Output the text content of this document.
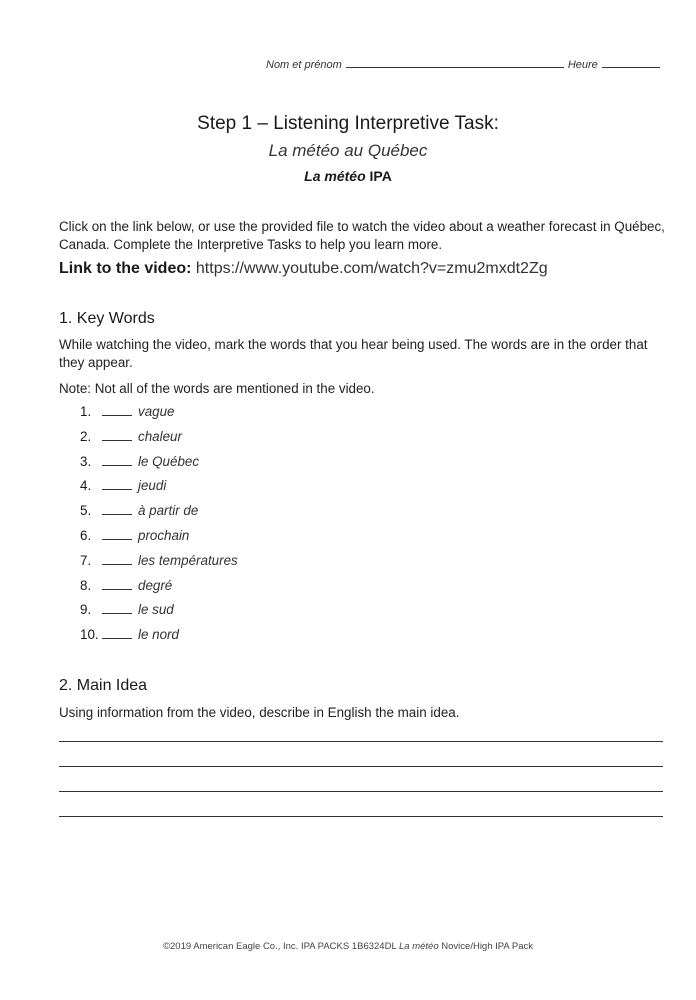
Nom et prénom	Heure
Step 1 – Listening Interpretive Task:
La météo au Québec
La météo IPA
Click on the link below, or use the provided file to watch the video about a weather forecast in Québec, Canada. Complete the Interpretive Tasks to help you learn more.
Link to the video: https://www.youtube.com/watch?v=zmu2mxdt2Zg
1. Key Words
While watching the video, mark the words that you hear being used. The words are in the order that they appear.
Note: Not all of the words are mentioned in the video.
1.	vague
2.	chaleur
3.	le Québec
4.	jeudi
5.	à partir de
6.	prochain
7.	les températures
8.	degré
9.	le sud
10.	le nord
2. Main Idea
Using information from the video, describe in English the main idea.
©2019 American Eagle Co., Inc. IPA PACKS 1B6324DL La météo Novice/High IPA Pack
